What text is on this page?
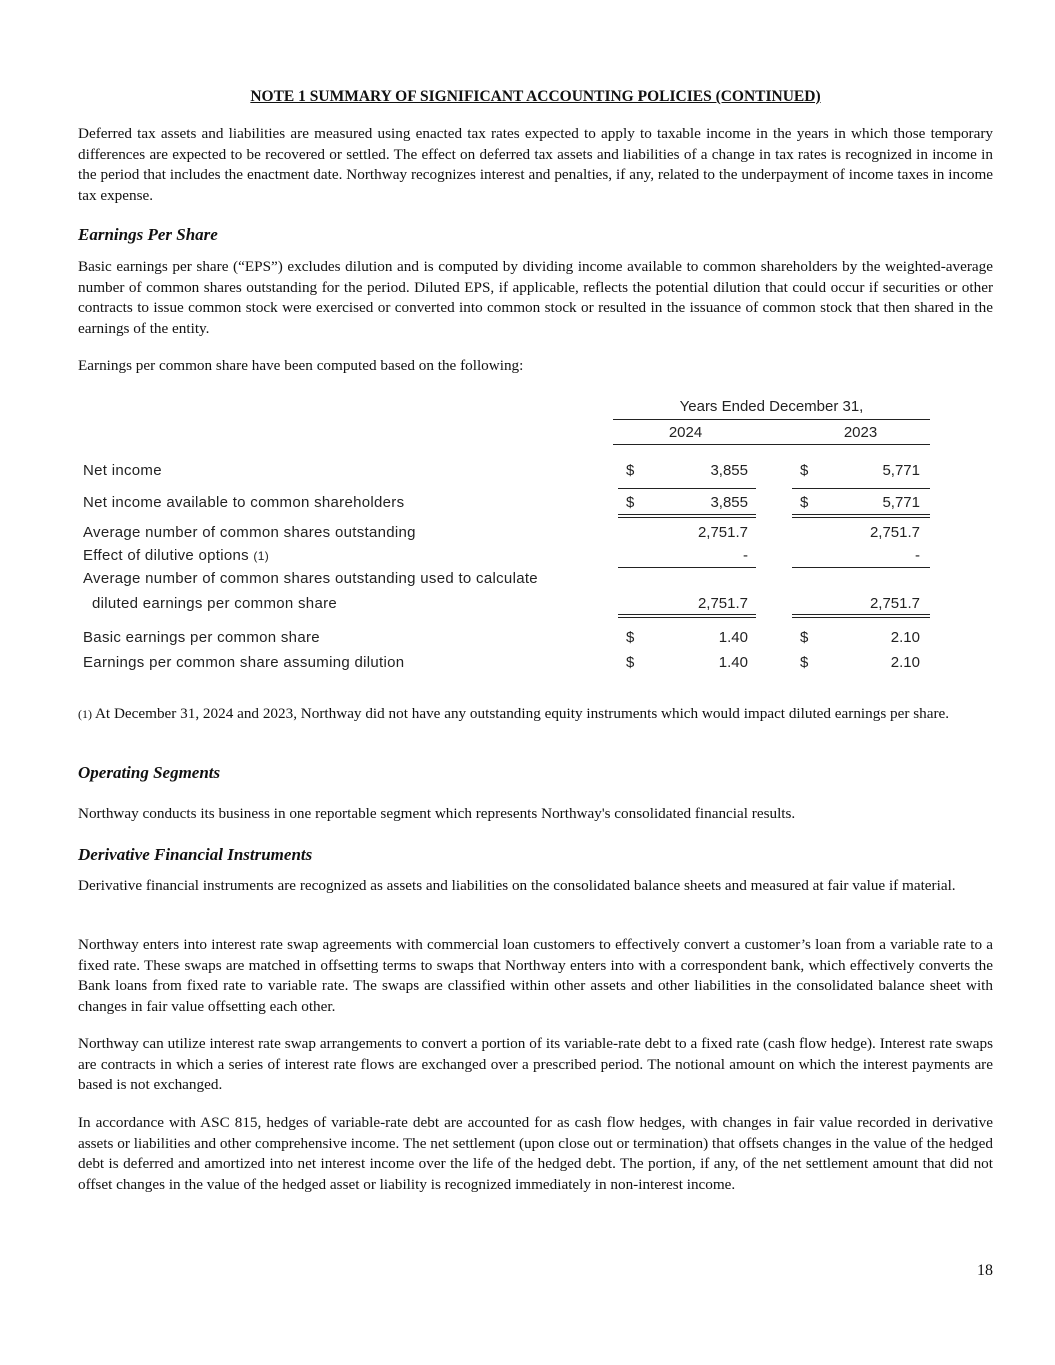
NOTE 1 SUMMARY OF SIGNIFICANT ACCOUNTING POLICIES (CONTINUED)

Deferred tax assets and liabilities are measured using enacted tax rates expected to apply to taxable income in the years in which those temporary differences are expected to be recovered or settled. The effect on deferred tax assets and liabilities of a change in tax rates is recognized in income in the period that includes the enactment date. Northway recognizes interest and penalties, if any, related to the underpayment of income taxes in income tax expense.

Earnings Per Share

Basic earnings per share (“EPS”) excludes dilution and is computed by dividing income available to common shareholders by the weighted-average number of common shares outstanding for the period. Diluted EPS, if applicable, reflects the potential dilution that could occur if securities or other contracts to issue common stock were exercised or converted into common stock or resulted in the issuance of common stock that then shared in the earnings of the entity.

Earnings per common share have been computed based on the following:

Years Ended December 31,
2024	2023
Net income	$	3,855	$	5,771
Net income available to common shareholders	$	3,855	$	5,771
Average number of common shares outstanding	2,751.7	2,751.7
Effect of dilutive options (1)	-	-
Average number of common shares outstanding used to calculate
diluted earnings per common share	2,751.7	2,751.7
Basic earnings per common share	$	1.40	$	2.10
Earnings per common share assuming dilution	$	1.40	$	2.10

(1) At December 31, 2024 and 2023, Northway did not have any outstanding equity instruments which would impact diluted earnings per share.

Operating Segments

Northway conducts its business in one reportable segment which represents Northway's consolidated financial results.

Derivative Financial Instruments

Derivative financial instruments are recognized as assets and liabilities on the consolidated balance sheets and measured at fair value if material.

Northway enters into interest rate swap agreements with commercial loan customers to effectively convert a customer’s loan from a variable rate to a fixed rate. These swaps are matched in offsetting terms to swaps that Northway enters into with a correspondent bank, which effectively converts the Bank loans from fixed rate to variable rate. The swaps are classified within other assets and other liabilities in the consolidated balance sheet with changes in fair value offsetting each other.

Northway can utilize interest rate swap arrangements to convert a portion of its variable-rate debt to a fixed rate (cash flow hedge). Interest rate swaps are contracts in which a series of interest rate flows are exchanged over a prescribed period. The notional amount on which the interest payments are based is not exchanged.

In accordance with ASC 815, hedges of variable-rate debt are accounted for as cash flow hedges, with changes in fair value recorded in derivative assets or liabilities and other comprehensive income. The net settlement (upon close out or termination) that offsets changes in the value of the hedged debt is deferred and amortized into net interest income over the life of the hedged debt. The portion, if any, of the net settlement amount that did not offset changes in the value of the hedged asset or liability is recognized immediately in non-interest income.

18
